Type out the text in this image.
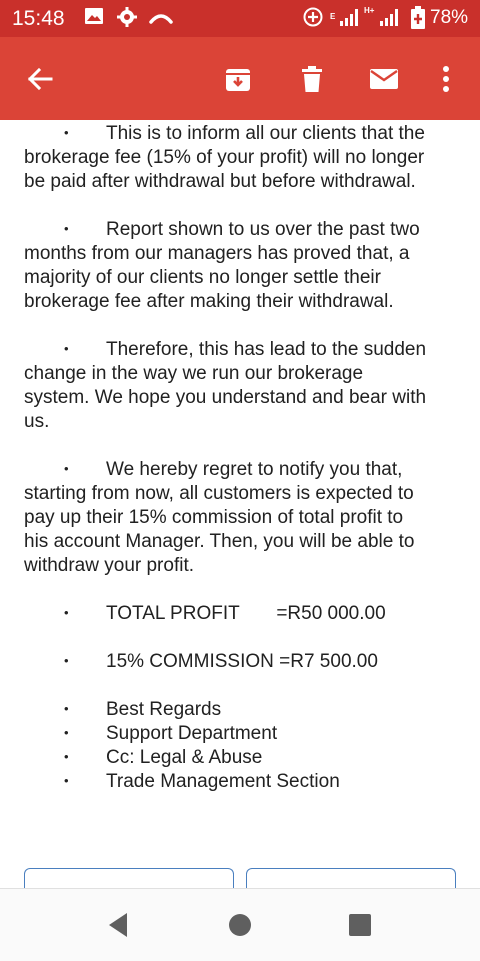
15:48	E
H+	78%
• This is to inform all our clients that the
brokerage fee (15% of your profit) will no longer
be paid after withdrawal but before withdrawal.
• Report shown to us over the past two
months from our managers has proved that, a
majority of our clients no longer settle their
brokerage fee after making their withdrawal.
• Therefore, this has lead to the sudden
change in the way we run our brokerage
system. We hope you understand and bear with
us.
• We hereby regret to notify you that,
starting from now, all customers is expected to
pay up their 15% commission of total profit to
his account Manager. Then, you will be able to
withdraw your profit.
• TOTAL PROFIT       =R50 000.00
• 15% COMMISSION =R7 500.00
• Best Regards
• Support Department
• Cc: Legal & Abuse
• Trade Management Section
